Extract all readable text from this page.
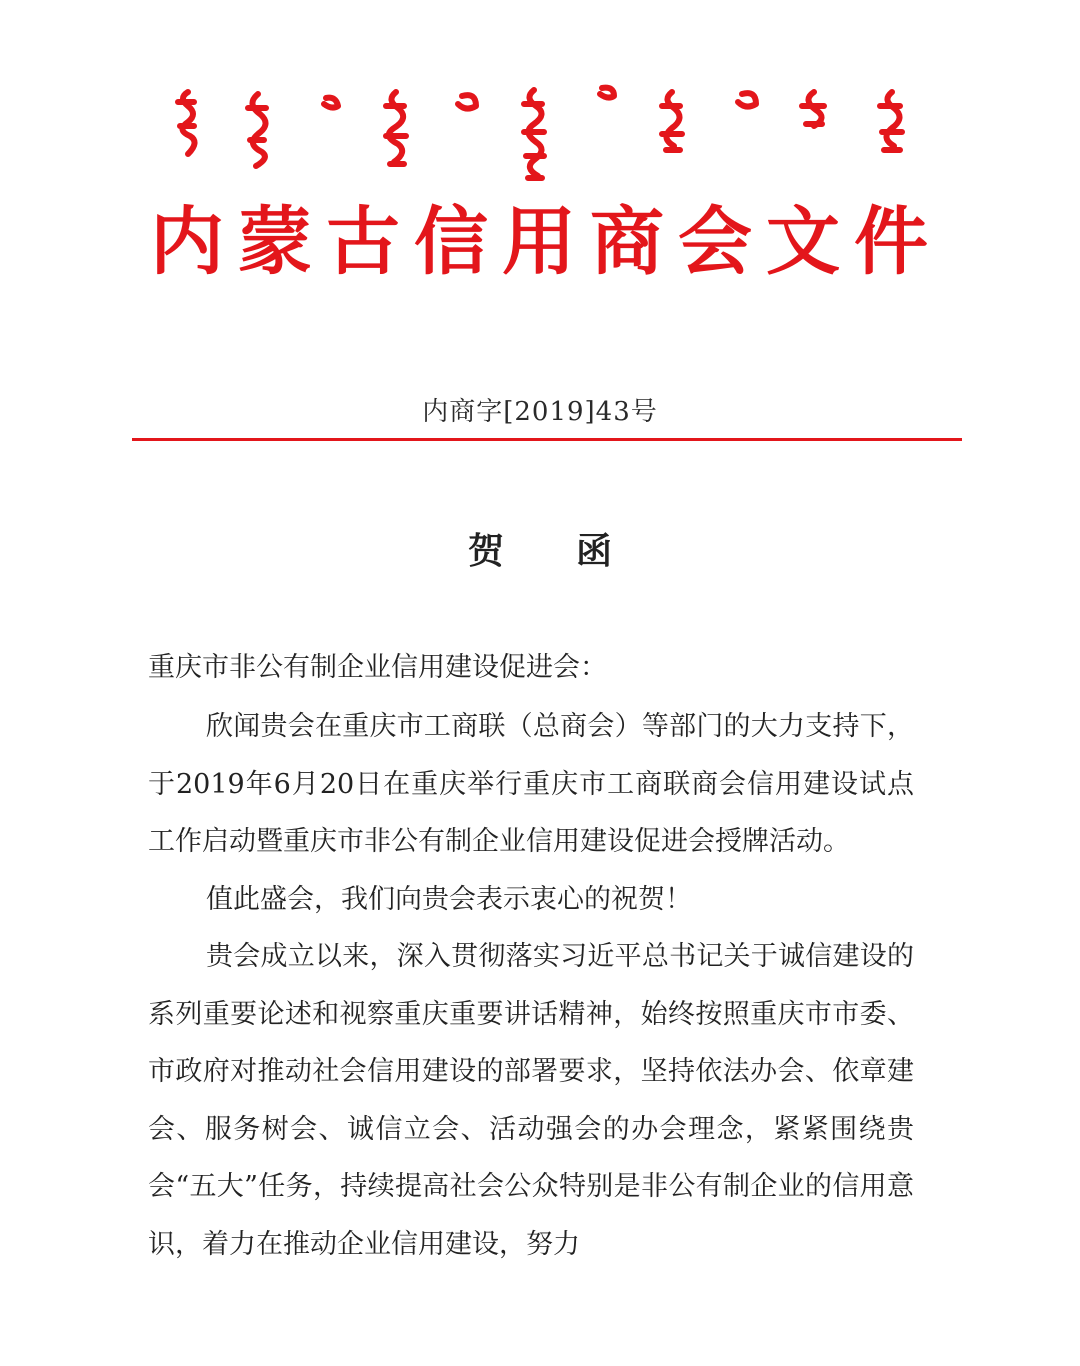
内蒙古信用商会文件
内商字[2019]43号
贺 函
重庆市非公有制企业信用建设促进会：

欣闻贵会在重庆市工商联（总商会）等部门的大力支持下，于2019年6月20日在重庆举行重庆市工商联商会信用建设试点工作启动暨重庆市非公有制企业信用建设促进会授牌活动。

值此盛会，我们向贵会表示衷心的祝贺！

贵会成立以来，深入贯彻落实习近平总书记关于诚信建设的系列重要论述和视察重庆重要讲话精神，始终按照重庆市市委、市政府对推动社会信用建设的部署要求，坚持依法办会、依章建会、服务树会、诚信立会、活动强会的办会理念，紧紧围绕贵会“五大”任务，持续提高社会公众特别是非公有制企业的信用意识，着力在推动企业信用建设，努力
